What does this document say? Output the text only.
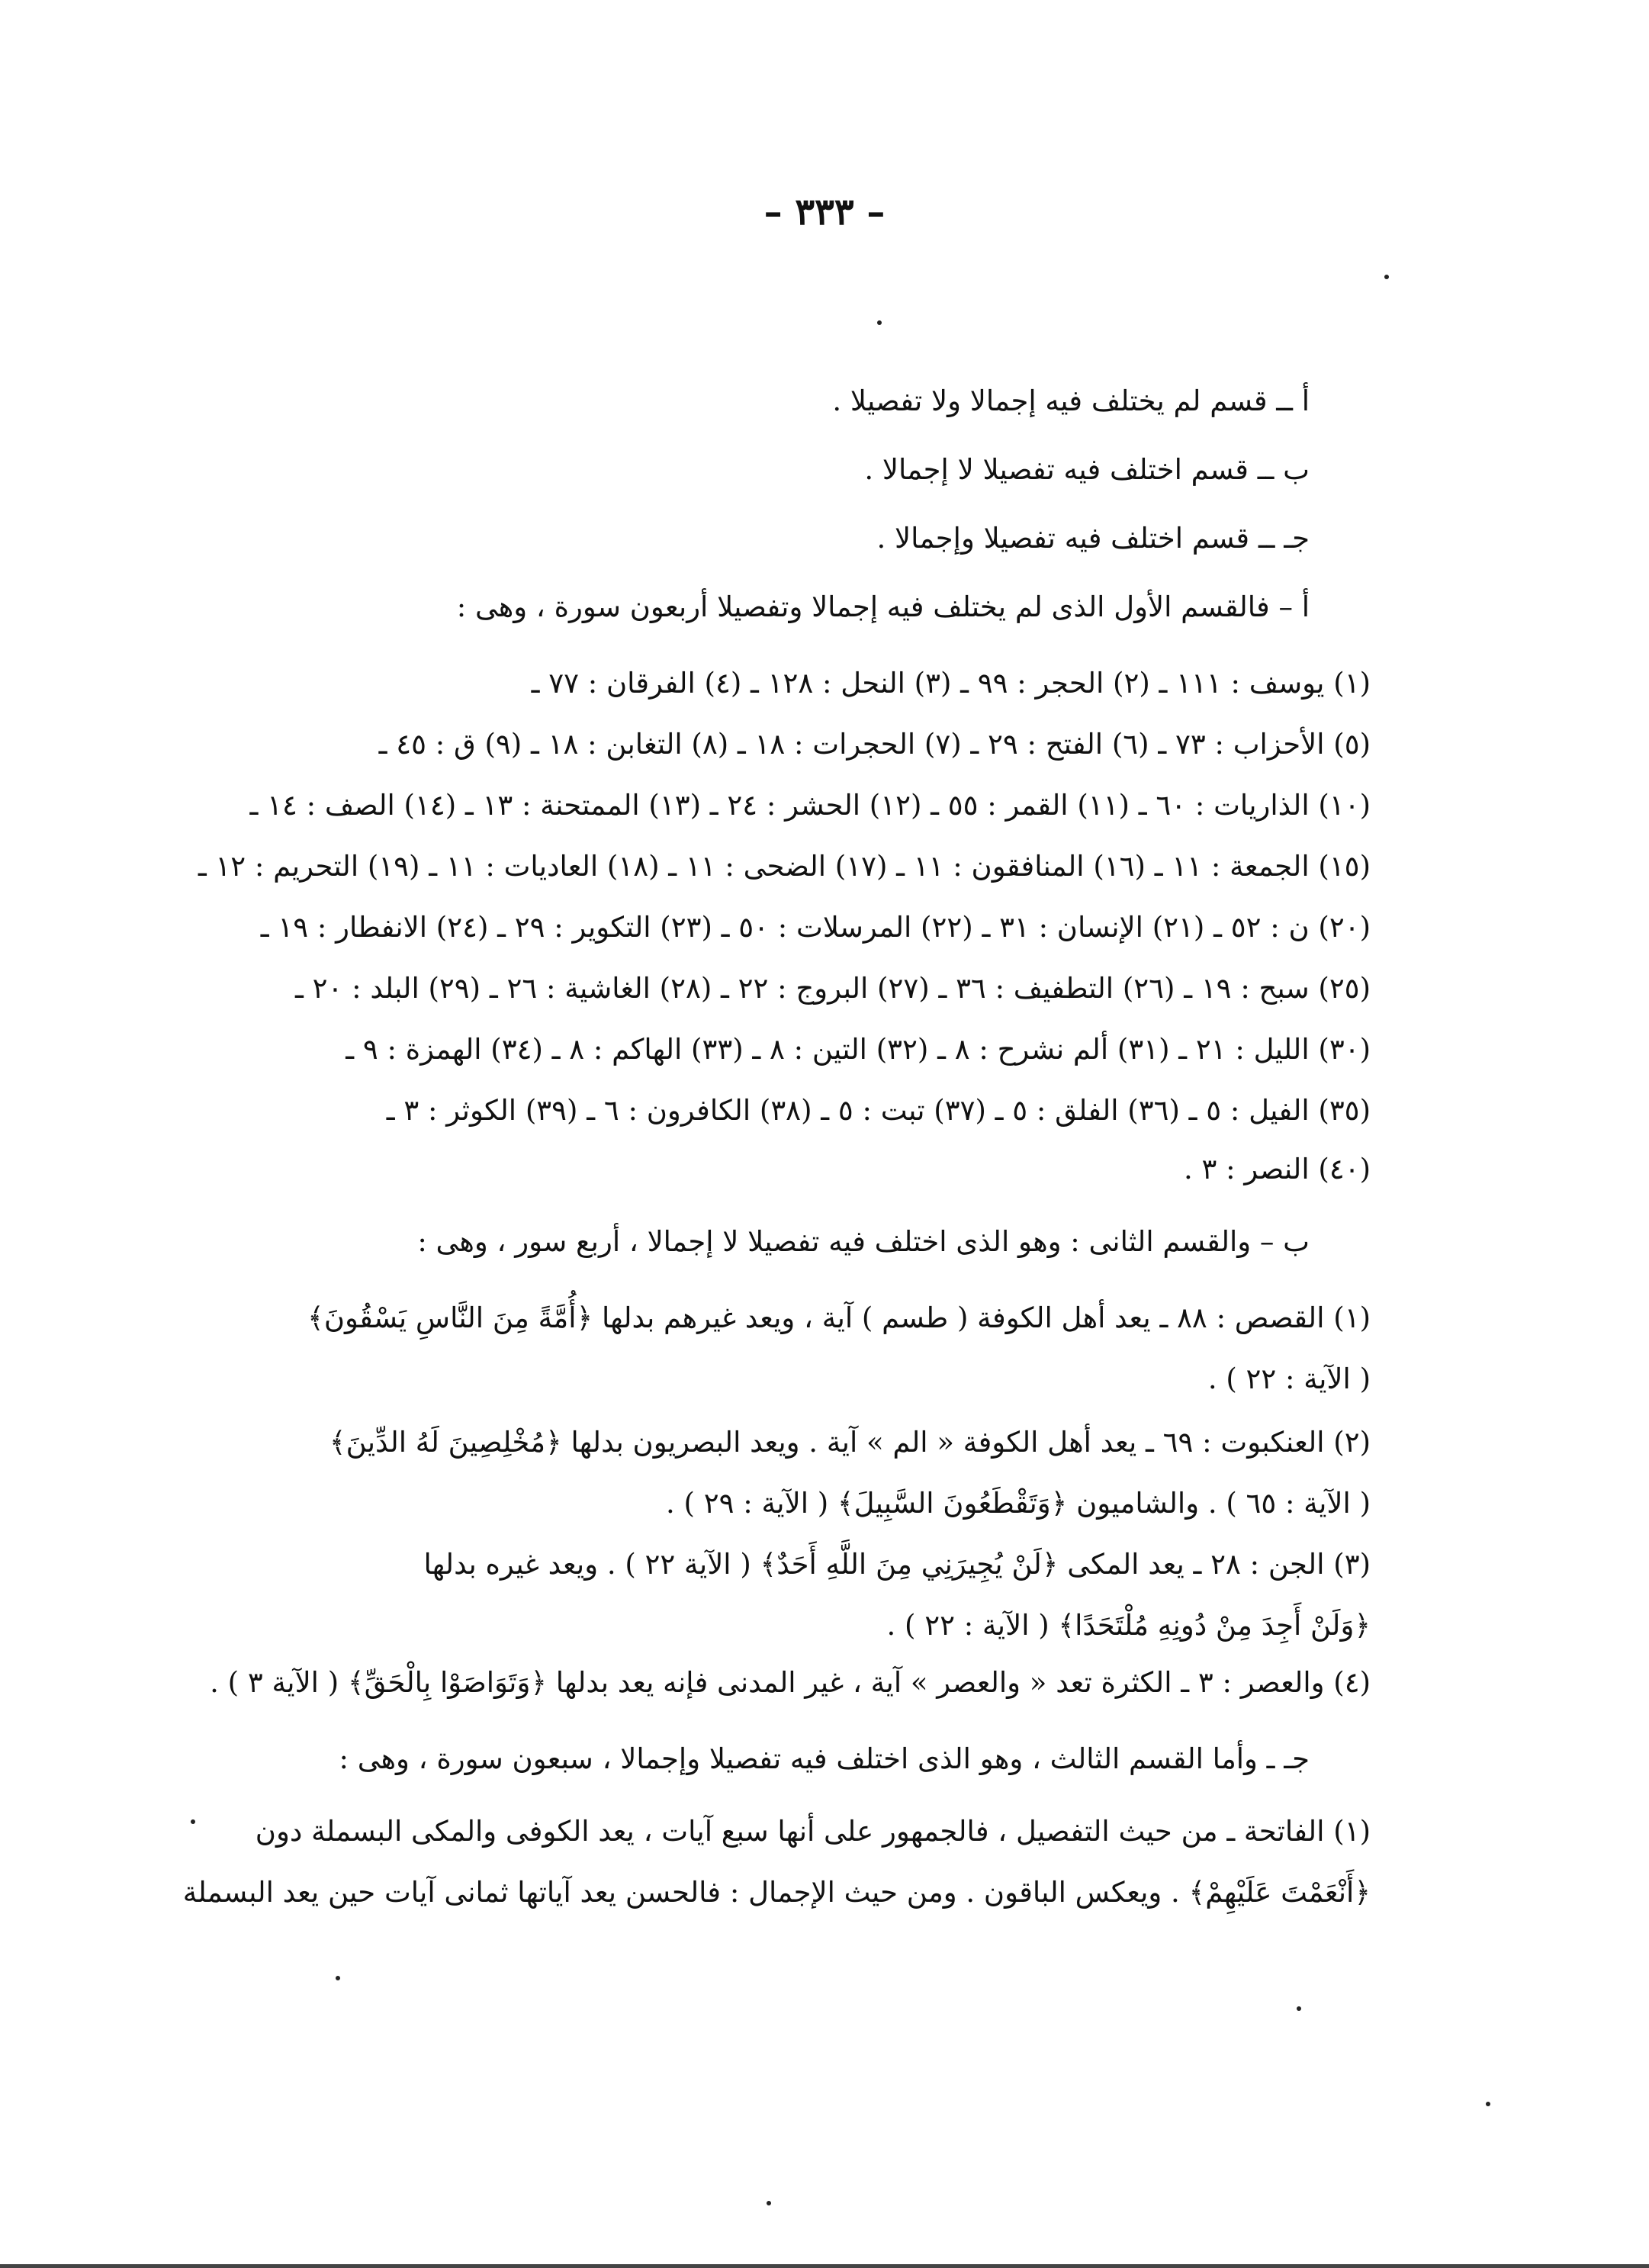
– ٣٣٣ –
أ ــ قسم لم يختلف فيه إجمالا ولا تفصيلا .
ب ــ قسم اختلف فيه تفصيلا لا إجمالا .
جـ ــ قسم اختلف فيه تفصيلا وإجمالا .
أ – فالقسم الأول الذى لم يختلف فيه إجمالا وتفصيلا أربعون سورة ، وهى :
(١) يوسف : ١١١ ـ (٢) الحجر : ٩٩ ـ (٣) النحل : ١٢٨ ـ (٤) الفرقان : ٧٧ ـ
(٥) الأحزاب : ٧٣ ـ (٦) الفتح : ٢٩ ـ (٧) الحجرات : ١٨ ـ (٨) التغابن : ١٨ ـ (٩) ق : ٤٥ ـ
(١٠) الذاريات : ٦٠ ـ (١١) القمر : ٥٥ ـ (١٢) الحشر : ٢٤ ـ (١٣) الممتحنة : ١٣ ـ (١٤) الصف : ١٤ ـ
(١٥) الجمعة : ١١ ـ (١٦) المنافقون : ١١ ـ (١٧) الضحى : ١١ ـ (١٨) العاديات : ١١ ـ (١٩) التحريم : ١٢ ـ
(٢٠) ن : ٥٢ ـ (٢١) الإنسان : ٣١ ـ (٢٢) المرسلات : ٥٠ ـ (٢٣) التكوير : ٢٩ ـ (٢٤) الانفطار : ١٩ ـ
(٢٥) سبح : ١٩ ـ (٢٦) التطفيف : ٣٦ ـ (٢٧) البروج : ٢٢ ـ (٢٨) الغاشية : ٢٦ ـ (٢٩) البلد : ٢٠ ـ
(٣٠) الليل : ٢١ ـ (٣١) ألم نشرح : ٨ ـ (٣٢) التين : ٨ ـ (٣٣) الهاكم : ٨ ـ (٣٤) الهمزة : ٩ ـ
(٣٥) الفيل : ٥ ـ (٣٦) الفلق : ٥ ـ (٣٧) تبت : ٥ ـ (٣٨) الكافرون : ٦ ـ (٣٩) الكوثر : ٣ ـ
(٤٠) النصر : ٣ .
ب – والقسم الثانى : وهو الذى اختلف فيه تفصيلا لا إجمالا ، أربع سور ، وهى :
(١) القصص : ٨٨ ـ يعد أهل الكوفة ( طسم ) آية ، ويعد غيرهم بدلها ﴿أُمَّةً مِنَ النَّاسِ يَسْقُونَ﴾
( الآية : ٢٢ ) .
(٢) العنكبوت : ٦٩ ـ يعد أهل الكوفة « الم » آية . ويعد البصريون بدلها ﴿مُخْلِصِينَ لَهُ الدِّينَ﴾
( الآية : ٦٥ ) . والشاميون ﴿وَتَقْطَعُونَ السَّبِيلَ﴾ ( الآية : ٢٩ ) .
(٣) الجن : ٢٨ ـ يعد المكى ﴿لَنْ يُجِيرَنِي مِنَ اللَّهِ أَحَدٌ﴾ ( الآية ٢٢ ) . ويعد غيره بدلها
﴿وَلَنْ أَجِدَ مِنْ دُونِهِ مُلْتَحَدًا﴾ ( الآية : ٢٢ ) .
(٤) والعصر : ٣ ـ الكثرة تعد « والعصر » آية ، غير المدنى فإنه يعد بدلها ﴿وَتَوَاصَوْا بِالْحَقِّ﴾ ( الآية ٣ ) .
جـ ـ وأما القسم الثالث ، وهو الذى اختلف فيه تفصيلا وإجمالا ، سبعون سورة ، وهى :
(١) الفاتحة ـ من حيث التفصيل ، فالجمهور على أنها سبع آيات ، يعد الكوفى والمكى البسملة دون
﴿أَنْعَمْتَ عَلَيْهِمْ﴾ . ويعكس الباقون . ومن حيث الإجمال : فالحسن يعد آياتها ثمانى آيات حين يعد البسملة
